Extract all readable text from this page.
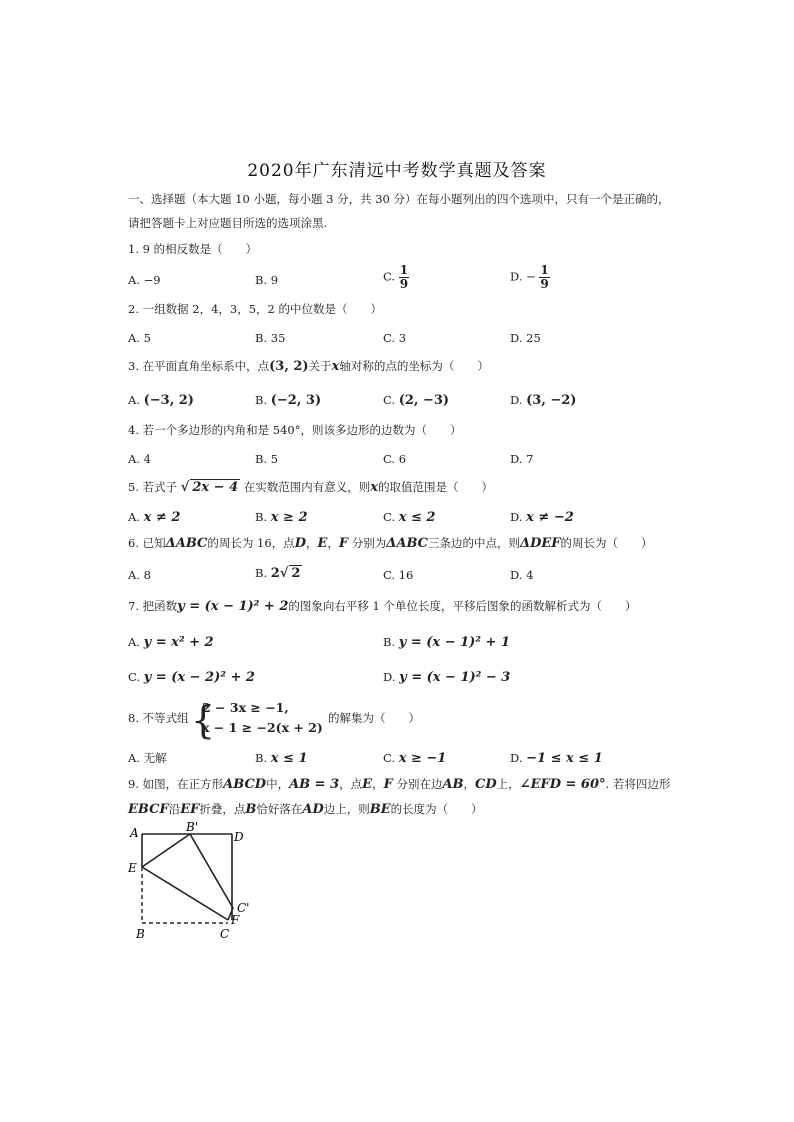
2020年广东清远中考数学真题及答案
一、选择题（本大题 10 小题，每小题 3 分，共 30 分）在每小题列出的四个选项中，只有一个是正确的，
请把答题卡上对应题目所选的选项涂黑.
1. 9 的相反数是（　　）
A. −9	B. 9	C. $\frac{1}{9}$	D. − $\frac{1}{9}$
2. 一组数据 2，4，3，5，2 的中位数是（　　）
A. 5	B. 35	C. 3	D. 25
3. 在平面直角坐标系中，点(3, 2)关于x轴对称的点的坐标为（　　）
A. (−3, 2)	B. (−2, 3)	C. (2, −3)	D. (3, −2)
4. 若一个多边形的内角和是 540°，则该多边形的边数为（　　）
A. 4	B. 5	C. 6	D. 7
5. 若式子 √ 2x − 4 在实数范围内有意义，则x的取值范围是（　　）
A. x ≠ 2	B. x ≥ 2	C. x ≤ 2	D. x ≠ −2
6. 已知ΔABC的周长为 16，点D，E，F 分别为ΔABC三条边的中点，则ΔDEF的周长为（　　）
A. 8	B. 2√ 2	C. 16	D. 4
7. 把函数y = (x − 1)² + 2的图象向右平移 1 个单位长度，平移后图象的函数解析式为（　　）
A. y = x² + 2	B. y = (x − 1)² + 1
C. y = (x − 2)² + 2	D. y = (x − 1)² − 3
8. 不等式组 {
2 − 3x ≥ −1,
x − 1 ≥ −2(x + 2)
的解集为（　　）
A. 无解	B. x ≤ 1	C. x ≥ −1	D. −1 ≤ x ≤ 1
9. 如图，在正方形ABCD中，AB = 3，点E，F 分别在边AB，CD上，∠EFD = 60°. 若将四边形
EBCF沿EF折叠，点B恰好落在AD边上，则BE的长度为（　　）
A	B'
D
E
C'
F
B	C
